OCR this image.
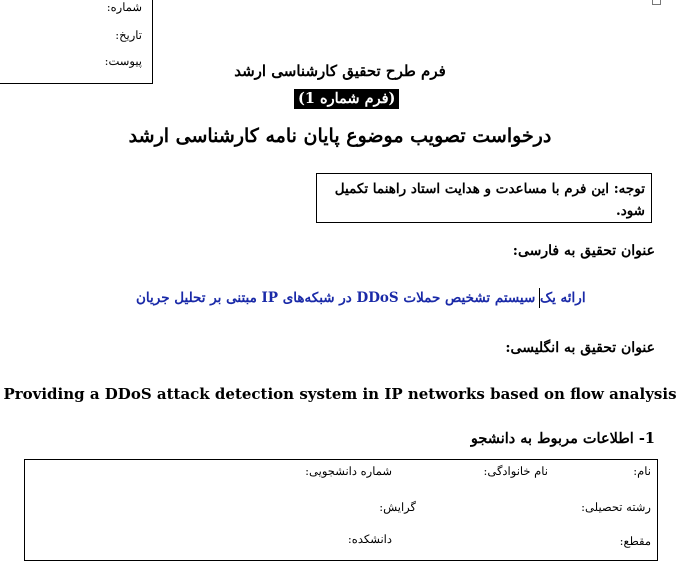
شماره:
تاریخ:
پیوست:
فرم طرح تحقیق کارشناسی ارشد
(فرم شماره 1)
درخواست تصویب موضوع پایان نامه کارشناسی ارشد
توجه: این فرم با مساعدت و هدایت استاد راهنما تکمیل شود.
عنوان تحقیق به فارسی:
ارائه یک سیستم تشخیص حملات DDoS در شبکه‌های IP مبتنی بر تحلیل جریان
عنوان تحقیق به انگلیسی:
Providing a DDoS attack detection system in IP networks based on flow analysis
1- اطلاعات مربوط به دانشجو
نام:
نام خانوادگی:
شماره دانشجویی:
رشته تحصیلی:
گرایش:
مقطع:
دانشکده:
